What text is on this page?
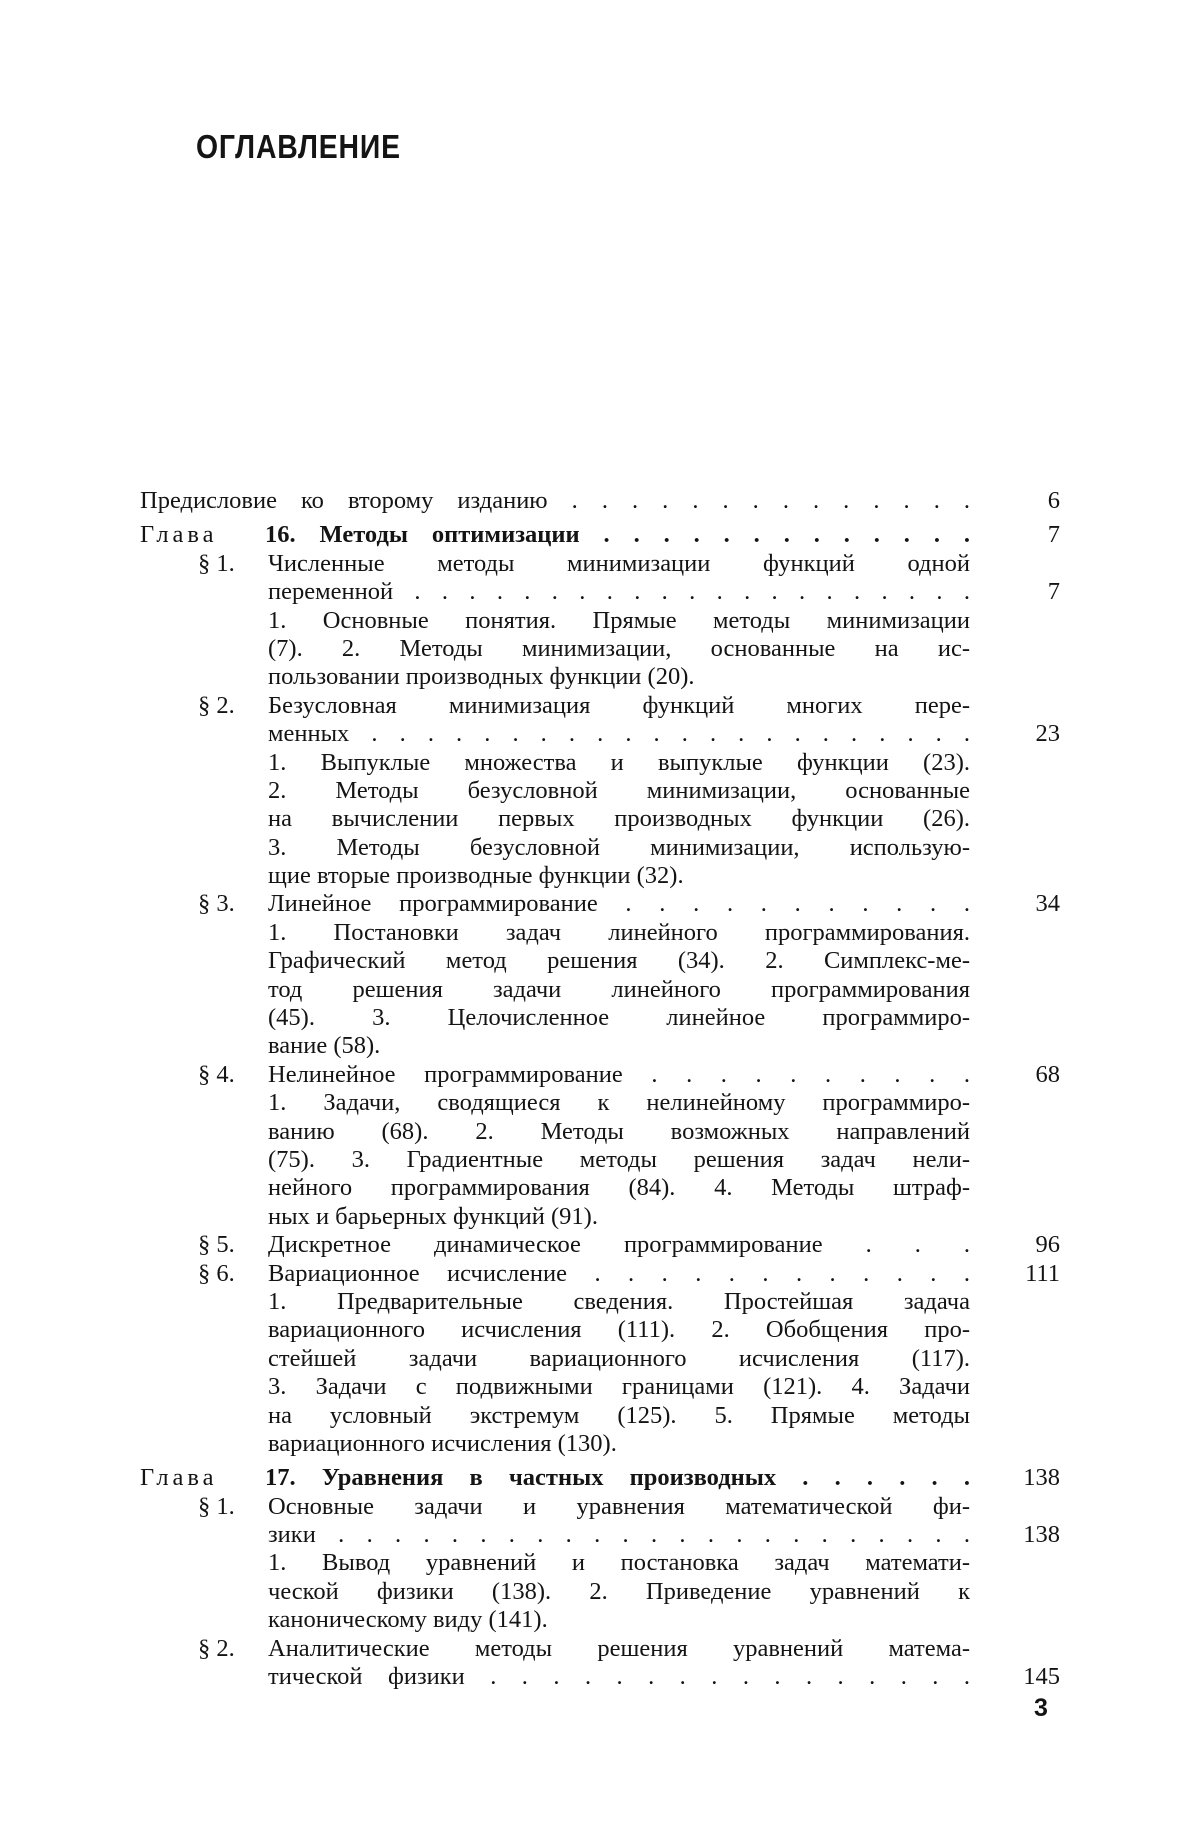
ОГЛАВЛЕНИЕ
Предисловие ко второму изданию . . . . . . . . . . . . . .	6
Глава 16. Методы оптимизации . . . . . . . . . . . . .	7
§ 1. Численные методы минимизации функций одной
переменной . . . . . . . . . . . . . . . . . . . . .	7
1. Основные понятия. Прямые методы минимизации
(7). 2. Методы минимизации, основанные на ис-
пользовании производных функции (20).
§ 2. Безусловная минимизация функций многих пере-
менных . . . . . . . . . . . . . . . . . . . . . .	23
1. Выпуклые множества и выпуклые функции (23).
2. Методы безусловной минимизации, основанные
на вычислении первых производных функции (26).
3. Методы безусловной минимизации, использую-
щие вторые производные функции (32).
§ 3. Линейное программирование . . . . . . . . . . .	34
1. Постановки задач линейного программирования.
Графический метод решения (34). 2. Симплекс-ме-
тод решения задачи линейного программирования
(45). 3. Целочисленное линейное программиро-
вание (58).
§ 4. Нелинейное программирование . . . . . . . . . .	68
1. Задачи, сводящиеся к нелинейному программиро-
ванию (68). 2. Методы возможных направлений
(75). 3. Градиентные методы решения задач нели-
нейного программирования (84). 4. Методы штраф-
ных и барьерных функций (91).
§ 5. Дискретное динамическое программирование . . .	96
§ 6. Вариационное исчисление . . . . . . . . . . . .	111
1. Предварительные сведения. Простейшая задача
вариационного исчисления (111). 2. Обобщения про-
стейшей задачи вариационного исчисления (117).
3. Задачи с подвижными границами (121). 4. Задачи
на условный экстремум (125). 5. Прямые методы
вариационного исчисления (130).
Глава 17. Уравнения в частных производных . . . . . .	138
§ 1. Основные задачи и уравнения математической фи-
зики . . . . . . . . . . . . . . . . . . . . . . .	138
1. Вывод уравнений и постановка задач математи-
ческой физики (138). 2. Приведение уравнений к
каноническому виду (141).
§ 2. Аналитические методы решения уравнений матема-
тической физики . . . . . . . . . . . . . . . .	145
3
